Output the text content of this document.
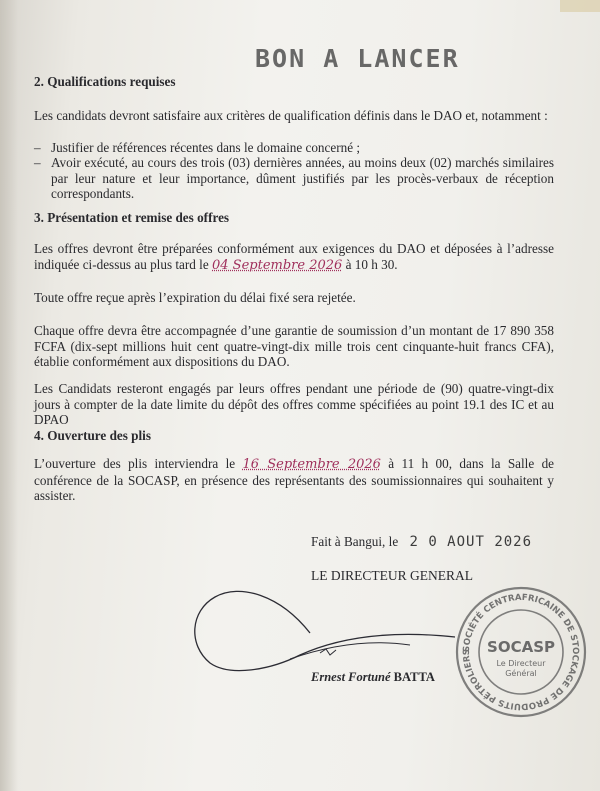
BON A LANCER

2. Qualifications requises

Les candidats devront satisfaire aux critères de qualification définis dans le DAO et, notamment :

– Justifier de références récentes dans le domaine concerné ;
– Avoir exécuté, au cours des trois (03) dernières années, au moins deux (02) marchés similaires par leur nature et leur importance, dûment justifiés par les procès-verbaux de réception correspondants.

3. Présentation et remise des offres

Les offres devront être préparées conformément aux exigences du DAO et déposées à l’adresse indiquée ci-dessus au plus tard le 04 Septembre 2026 à 10 h 30.

Toute offre reçue après l’expiration du délai fixé sera rejetée.

Chaque offre devra être accompagnée d’une garantie de soumission d’un montant de 17 890 358 FCFA (dix-sept millions huit cent quatre-vingt-dix mille trois cent cinquante-huit francs CFA), établie conformément aux dispositions du DAO.

Les Candidats resteront engagés par leurs offres pendant une période de (90) quatre-vingt-dix jours à compter de la date limite du dépôt des offres comme spécifiées au point 19.1 des IC et au DPAO

4. Ouverture des plis

L’ouverture des plis interviendra le 16 Septembre 2026 à 11 h 00, dans la Salle de conférence de la SOCASP, en présence des représentants des soumissionnaires qui souhaitent y assister.

Fait à Bangui, le 2 0 AOUT 2026
LE DIRECTEUR GENERAL
Ernest Fortuné BATTA
SOCIÉTÉ CENTRAFRICAINE DE STOCKAGE DE PRODUITS PÉTROLIERS	SOCASP
Le Directeur
Général
